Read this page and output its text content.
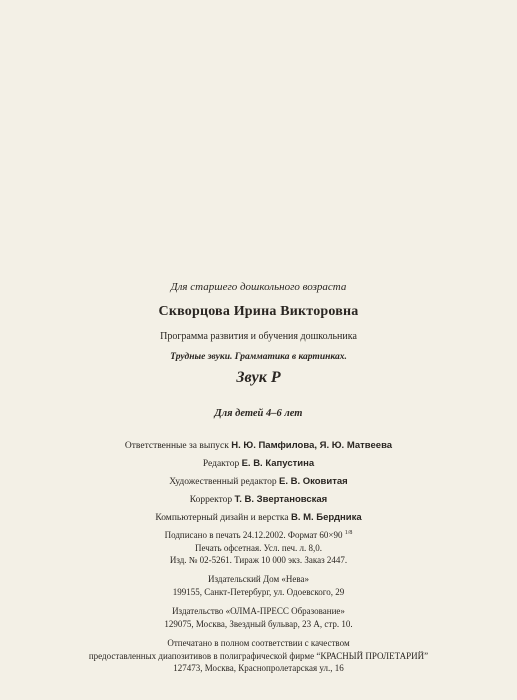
Для старшего дошкольного возраста
Скворцова Ирина Викторовна
Программа развития и обучения дошкольника
Трудные звуки. Грамматика в картинках.
Звук Р
Для детей 4–6 лет
Ответственные за выпуск Н. Ю. Памфилова, Я. Ю. Матвеева
Редактор Е. В. Капустина
Художественный редактор Е. В. Оковитая
Корректор Т. В. Звертановская
Компьютерный дизайн и верстка В. М. Бердника
Подписано в печать 24.12.2002. Формат 60×90 $^{1/8}$
Печать офсетная. Усл. печ. л. 8,0.
Изд. № 02-5261. Тираж 10 000 экз. Заказ 2447.
Издательский Дом «Нева»
199155, Санкт-Петербург, ул. Одоевского, 29
Издательство «ОЛМА-ПРЕСС Образование»
129075, Москва, Звездный бульвар, 23 А, стр. 10.
Отпечатано в полном соответствии с качеством
предоставленных диапозитивов в полиграфической фирме “КРАСНЫЙ ПРОЛЕТАРИЙ”
127473, Москва, Краснопролетарская ул., 16
